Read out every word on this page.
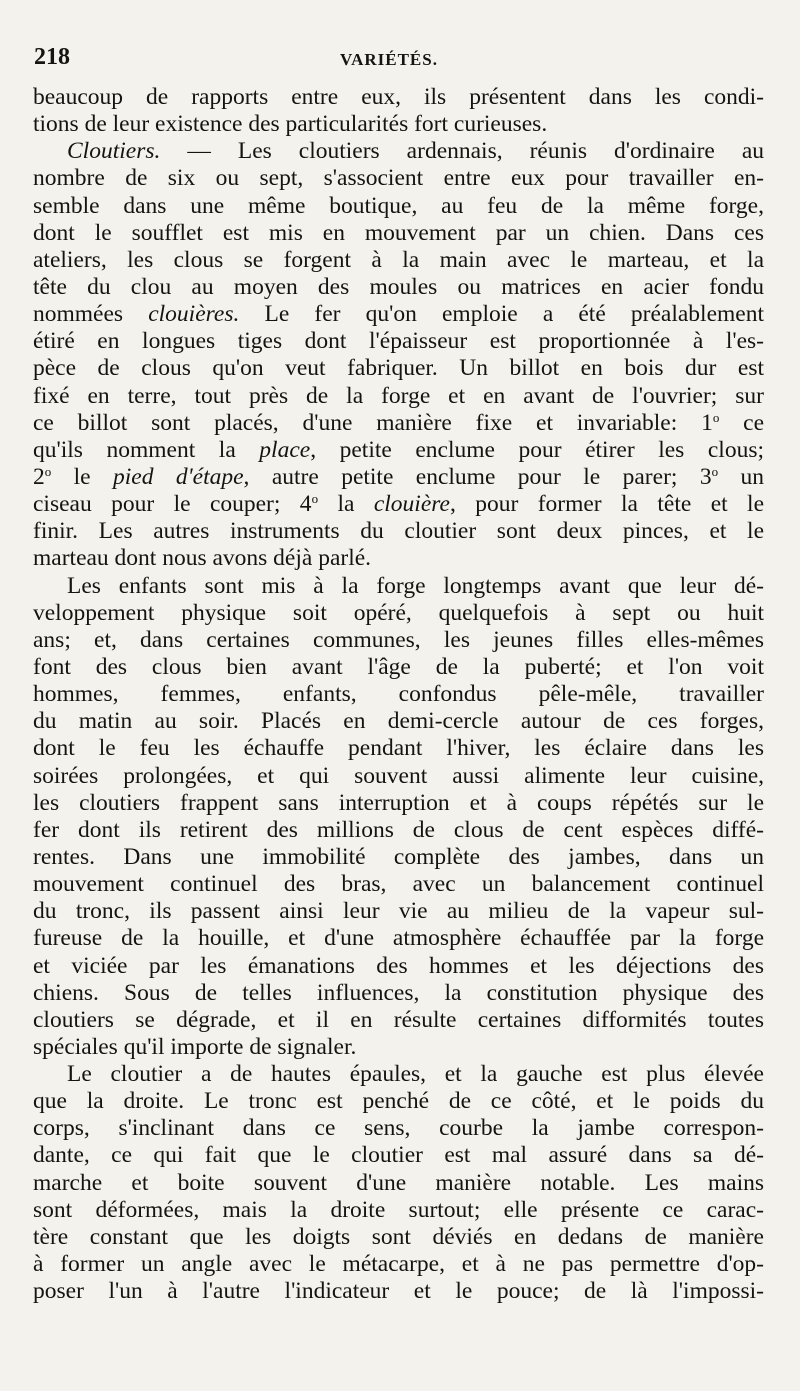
218	VARIÉTÉS.
beaucoup de rapports entre eux, ils présentent dans les condi-
tions de leur existence des particularités fort curieuses.
Cloutiers. — Les cloutiers ardennais, réunis d'ordinaire au
nombre de six ou sept, s'associent entre eux pour travailler en-
semble dans une même boutique, au feu de la même forge,
dont le soufflet est mis en mouvement par un chien. Dans ces
ateliers, les clous se forgent à la main avec le marteau, et la
tête du clou au moyen des moules ou matrices en acier fondu
nommées clouières. Le fer qu'on emploie a été préalablement
étiré en longues tiges dont l'épaisseur est proportionnée à l'es-
pèce de clous qu'on veut fabriquer. Un billot en bois dur est
fixé en terre, tout près de la forge et en avant de l'ouvrier; sur
ce billot sont placés, d'une manière fixe et invariable: 1$^o$ ce
qu'ils nomment la place, petite enclume pour étirer les clous;
2$^o$ le pied d'étape, autre petite enclume pour le parer; 3$^o$ un
ciseau pour le couper; 4$^o$ la clouière, pour former la tête et le
finir. Les autres instruments du cloutier sont deux pinces, et le
marteau dont nous avons déjà parlé.
Les enfants sont mis à la forge longtemps avant que leur dé-
veloppement physique soit opéré, quelquefois à sept ou huit
ans; et, dans certaines communes, les jeunes filles elles-mêmes
font des clous bien avant l'âge de la puberté; et l'on voit
hommes, femmes, enfants, confondus pêle-mêle, travailler
du matin au soir. Placés en demi-cercle autour de ces forges,
dont le feu les échauffe pendant l'hiver, les éclaire dans les
soirées prolongées, et qui souvent aussi alimente leur cuisine,
les cloutiers frappent sans interruption et à coups répétés sur le
fer dont ils retirent des millions de clous de cent espèces diffé-
rentes. Dans une immobilité complète des jambes, dans un
mouvement continuel des bras, avec un balancement continuel
du tronc, ils passent ainsi leur vie au milieu de la vapeur sul-
fureuse de la houille, et d'une atmosphère échauffée par la forge
et viciée par les émanations des hommes et les déjections des
chiens. Sous de telles influences, la constitution physique des
cloutiers se dégrade, et il en résulte certaines difformités toutes
spéciales qu'il importe de signaler.
Le cloutier a de hautes épaules, et la gauche est plus élevée
que la droite. Le tronc est penché de ce côté, et le poids du
corps, s'inclinant dans ce sens, courbe la jambe correspon-
dante, ce qui fait que le cloutier est mal assuré dans sa dé-
marche et boite souvent d'une manière notable. Les mains
sont déformées, mais la droite surtout; elle présente ce carac-
tère constant que les doigts sont déviés en dedans de manière
à former un angle avec le métacarpe, et à ne pas permettre d'op-
poser l'un à l'autre l'indicateur et le pouce; de là l'impossi-
